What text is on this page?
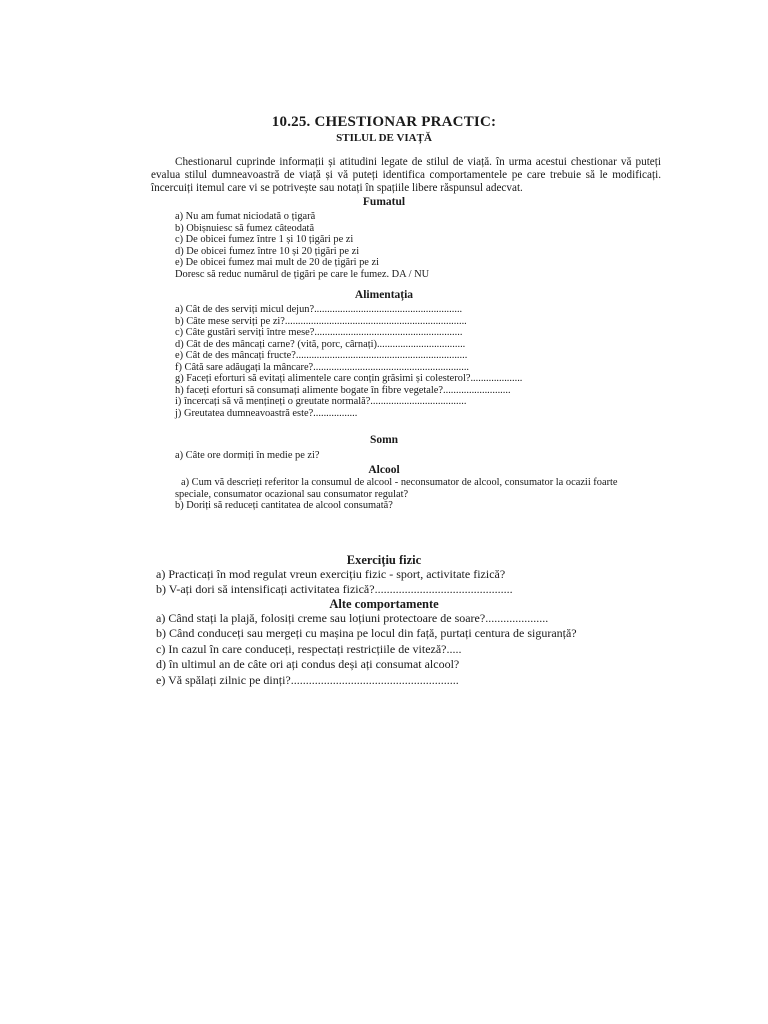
10.25. CHESTIONAR PRACTIC:
STILUL DE VIAȚĂ

Chestionarul cuprinde informații și atitudini legate de stilul de viață. în urma acestui chestionar vă puteți evalua stilul dumneavoastră de viață și vă puteți identifica comportamentele pe care trebuie să le modificați. încercuiți itemul care vi se potrivește sau notați în spațiile libere răspunsul adecvat.

Fumatul
a) Nu am fumat niciodată o țigară
b) Obișnuiesc să fumez câteodată
c) De obicei fumez între 1 și 10 țigări pe zi
d) De obicei fumez între 10 și 20 țigări pe zi
e) De obicei fumez mai mult de 20 de țigări pe zi
Doresc să reduc numărul de țigări pe care le fumez. DA / NU
Alimentația
a) Cât de des serviți micul dejun?.........................................................
b) Câte mese serviți pe zi?......................................................................
c) Câte gustări serviți între mese?.........................................................
d) Cât de des mâncați carne? (vită, porc, cârnați)..................................
e) Cât de des mâncați fructe?..................................................................
f) Câtă sare adăugați la mâncare?............................................................
g) Faceți eforturi să evitați alimentele care conțin grăsimi și colesterol?....................
h) faceți eforturi să consumați alimente bogate în fibre vegetale?..........................
i) încercați să vă mențineți o greutate normală?.....................................
j) Greutatea dumneavoastră este?.................
Somn
a) Câte ore dormiți în medie pe zi?
Alcool

a) Cum vă descrieți referitor la consumul de alcool - neconsumator de alcool, consumator la ocazii foarte speciale, consumator ocazional sau consumator regulat?

b) Doriți să reduceți cantitatea de alcool consumată?

Exercițiu fizic
a) Practicați în mod regulat vreun exercițiu fizic - sport, activitate fizică?
b) V-ați dori să intensificați activitatea fizică?..............................................
Alte comportamente
a) Când stați la plajă, folosiți creme sau loțiuni protectoare de soare?.....................
b) Când conduceți sau mergeți cu mașina pe locul din față, purtați centura de siguranță?
c) In cazul în care conduceți, respectați restricțiile de viteză?.....
d) în ultimul an de câte ori ați condus deși ați consumat alcool?
e) Vă spălați zilnic pe dinți?........................................................
